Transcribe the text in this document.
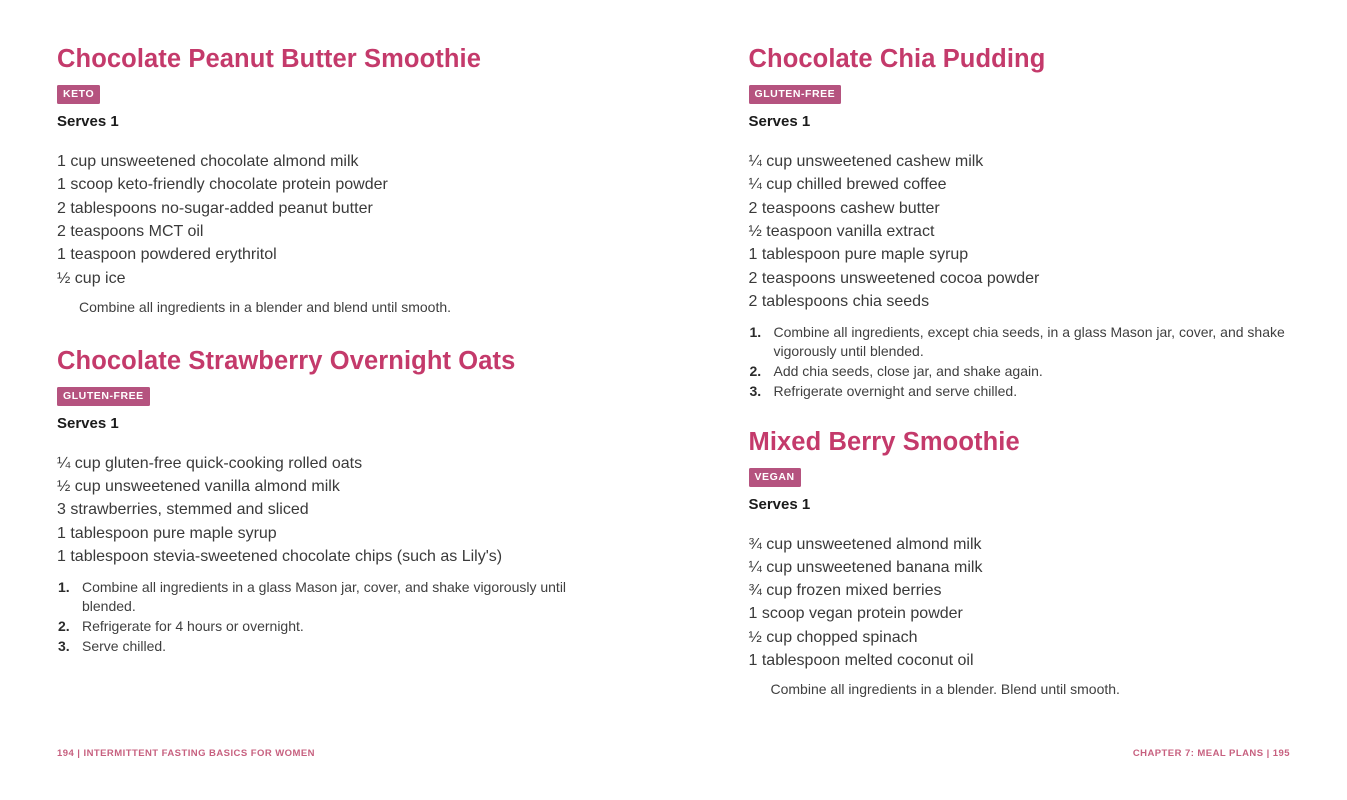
Chocolate Peanut Butter Smoothie
KETO
Serves 1
1 cup unsweetened chocolate almond milk
1 scoop keto-friendly chocolate protein powder
2 tablespoons no-sugar-added peanut butter
2 teaspoons MCT oil
1 teaspoon powdered erythritol
½ cup ice

Combine all ingredients in a blender and blend until smooth.

Chocolate Strawberry Overnight Oats
GLUTEN-FREE
Serves 1
¼ cup gluten-free quick-cooking rolled oats
½ cup unsweetened vanilla almond milk
3 strawberries, stemmed and sliced
1 tablespoon pure maple syrup
1 tablespoon stevia-sweetened chocolate chips (such as Lily's)
Combine all ingredients in a glass Mason jar, cover, and shake vigorously until blended.
Refrigerate for 4 hours or overnight.
Serve chilled.
194 | INTERMITTENT FASTING BASICS FOR WOMEN
Chocolate Chia Pudding
GLUTEN-FREE
Serves 1
¼ cup unsweetened cashew milk
¼ cup chilled brewed coffee
2 teaspoons cashew butter
½ teaspoon vanilla extract
1 tablespoon pure maple syrup
2 teaspoons unsweetened cocoa powder
2 tablespoons chia seeds
Combine all ingredients, except chia seeds, in a glass Mason jar, cover, and shake vigorously until blended.
Add chia seeds, close jar, and shake again.
Refrigerate overnight and serve chilled.
Mixed Berry Smoothie
VEGAN
Serves 1
¾ cup unsweetened almond milk
¼ cup unsweetened banana milk
¾ cup frozen mixed berries
1 scoop vegan protein powder
½ cup chopped spinach
1 tablespoon melted coconut oil

Combine all ingredients in a blender. Blend until smooth.

CHAPTER 7: MEAL PLANS | 195
